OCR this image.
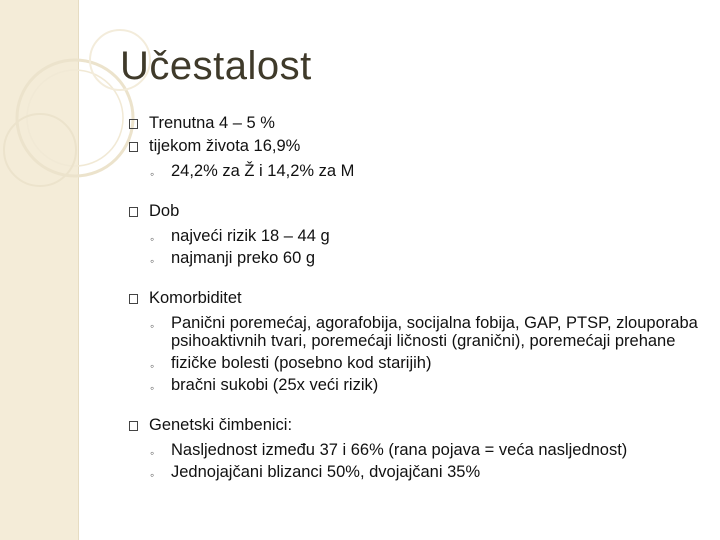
Učestalost
Trenutna 4 – 5 %
tijekom života 16,9%
◦ 24,2% za Ž i 14,2% za M
Dob
◦ najveći rizik 18 – 44 g
◦ najmanji preko 60 g
Komorbiditet
◦ Panični poremećaj, agorafobija, socijalna fobija, GAP, PTSP, zlouporaba psihoaktivnih tvari, poremećaji ličnosti (granični), poremećaji prehane
◦ fizičke bolesti (posebno kod starijih)
◦ bračni sukobi (25x veći rizik)
Genetski čimbenici:
◦ Nasljednost između 37 i 66% (rana pojava = veća nasljednost)
◦ Jednojajčani blizanci 50%, dvojajčani 35%
